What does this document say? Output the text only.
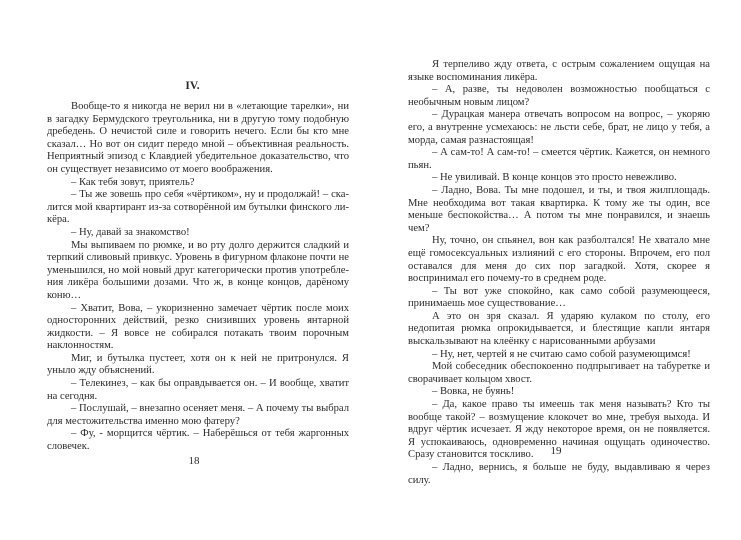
IV.

Вообще-то я никогда не верил ни в «летающие тарелки», ни в загадку Бермудского треугольника, ни в другую тому подобную дребедень. О нечистой силе и говорить нечего. Если бы кто мне сказал… Но вот он сидит передо мной – объективная реальность. Неприятный эпизод с Клавдией убедительное доказательство, что он существует независимо от моего воображения.

– Как тебя зовут, приятель?

– Ты же зовешь про себя «чёртиком», ну и продолжай! – скалится мой квартирант из-за сотворённой им бутылки финского ликёра.

– Ну, давай за знакомство!

Мы выпиваем по рюмке, и во рту долго держится сладкий и терпкий сливовый привкус. Уровень в фигурном флаконе почти не уменьшился, но мой новый друг категорически против употребления ликёра большими дозами. Что ж, в конце концов, дарёному коню…

– Хватит, Вова, – укоризненно замечает чёртик после моих односторонних действий, резко снизивших уровень янтарной жидкости. – Я вовсе не собирался потакать твоим порочным наклонностям.

Миг, и бутылка пустеет, хотя он к ней не притронулся. Я уныло жду объяснений.

– Телекинез, – как бы оправдывается он. – И вообще, хватит на сегодня.

– Послушай, – внезапно осеняет меня. – А почему ты выбрал для местожительства именно мою фатеру?

– Фу, - морщится чёртик. – Наберёшься от тебя жаргонных словечек.

18

Я терпеливо жду ответа, с острым сожалением ощущая на языке воспоминания ликёра.

– А, разве, ты недоволен возможностью пообщаться с необычным новым лицом?

– Дурацкая манера отвечать вопросом на вопрос, – укоряю его, а внутренне усмехаюсь: не льсти себе, брат, не лицо у тебя, а морда, самая разнастоящая!

– А сам-то! А сам-то! – смеется чёртик. Кажется, он немного пьян.

– Не увиливай. В конце концов это просто невежливо.

– Ладно, Вова. Ты мне подошел, и ты, и твоя жилплощадь. Мне необходима вот такая квартирка. К тому же ты один, все меньше беспокойства… А потом ты мне понравился, и знаешь чем?

Ну, точно, он спьянел, вон как разболтался! Не хватало мне ещё гомосексуальных излияний с его стороны. Впрочем, его пол оставался для меня до сих пор загадкой. Хотя, скорее я воспринимал его почему-то в среднем роде.

– Ты вот уже спокойно, как само собой разумеющееся, принимаешь мое существование…

А это он зря сказал. Я ударяю кулаком по столу, его недопитая рюмка опрокидывается, и блестящие капли янтаря выскальзывают на клеёнку с нарисованными арбузами

– Ну, нет, чертей я не считаю само собой разумеющимся!

Мой собеседник обеспокоенно подпрыгивает на табуретке и сворачивает кольцом хвост.

– Вовка, не буянь!

– Да, какое право ты имеешь так меня называть? Кто ты вообще такой? – возмущение клокочет во мне, требуя выхода. И вдруг чёртик исчезает. Я жду некоторое время, он не появляется. Я успокаиваюсь, одновременно начиная ощущать одиночество. Сразу становится тоскливо.

– Ладно, вернись, я больше не буду, выдавливаю я через силу.

19
